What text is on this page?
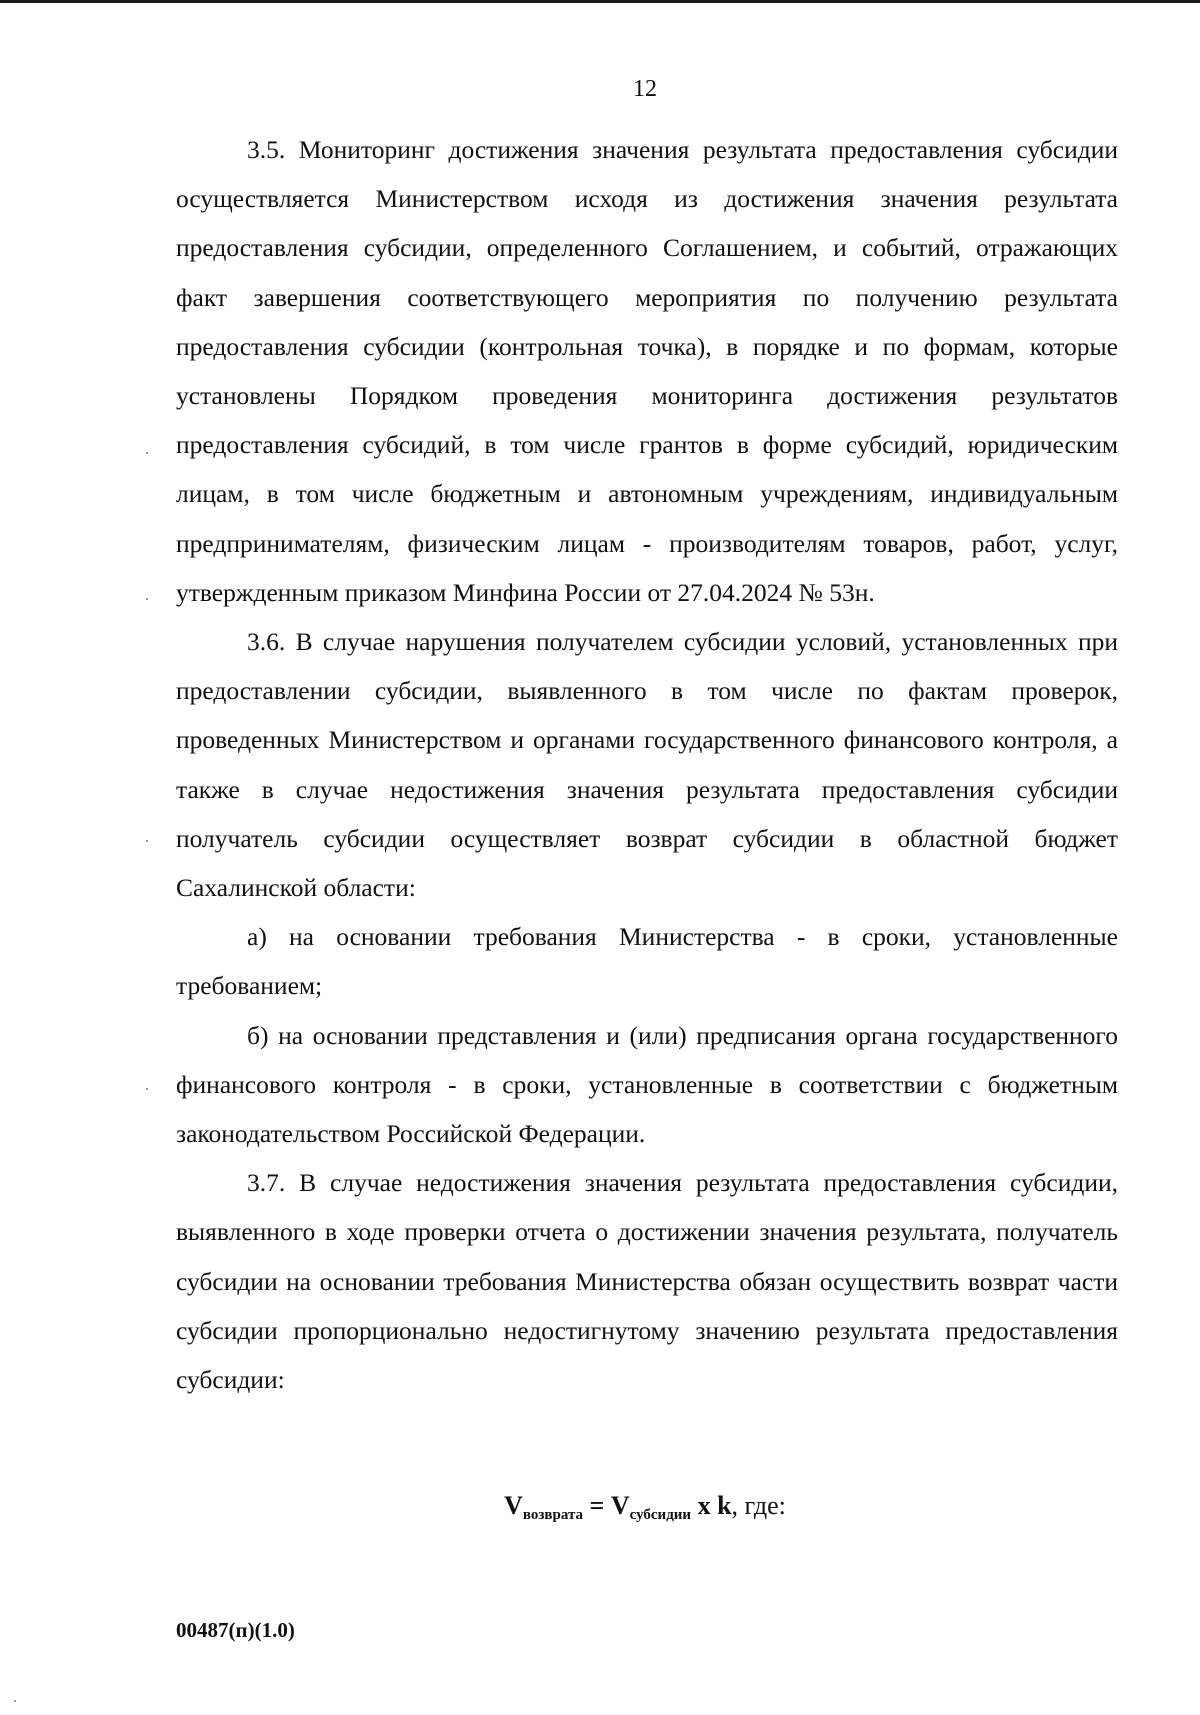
12

3.5. Мониторинг достижения значения результата предоставления субсидии осуществляется Министерством исходя из достижения значения результата предоставления субсидии, определенного Соглашением, и событий, отражающих факт завершения соответствующего мероприятия по получению результата предоставления субсидии (контрольная точка), в порядке и по формам, которые установлены Порядком проведения мониторинга достижения результатов предоставления субсидий, в том числе грантов в форме субсидий, юридическим лицам, в том числе бюджетным и автономным учреждениям, индивидуальным предпринимателям, физическим лицам - производителям товаров, работ, услуг, утвержденным приказом Минфина России от 27.04.2024 № 53н.

3.6. В случае нарушения получателем субсидии условий, установленных при предоставлении субсидии, выявленного в том числе по фактам проверок, проведенных Министерством и органами государственного финансового контроля, а также в случае недостижения значения результата предоставления субсидии получатель субсидии осуществляет возврат субсидии в областной бюджет Сахалинской области:

а) на основании требования Министерства - в сроки, установленные требованием;

б) на основании представления и (или) предписания органа государственного финансового контроля - в сроки, установленные в соответствии с бюджетным законодательством Российской Федерации.

3.7. В случае недостижения значения результата предоставления субсидии, выявленного в ходе проверки отчета о достижении значения результата, получатель субсидии на основании требования Министерства обязан осуществить возврат части субсидии пропорционально недостигнутому значению результата предоставления субсидии:

Vвозврата = Vсубсидии x k, где:
00487(п)(1.0)
